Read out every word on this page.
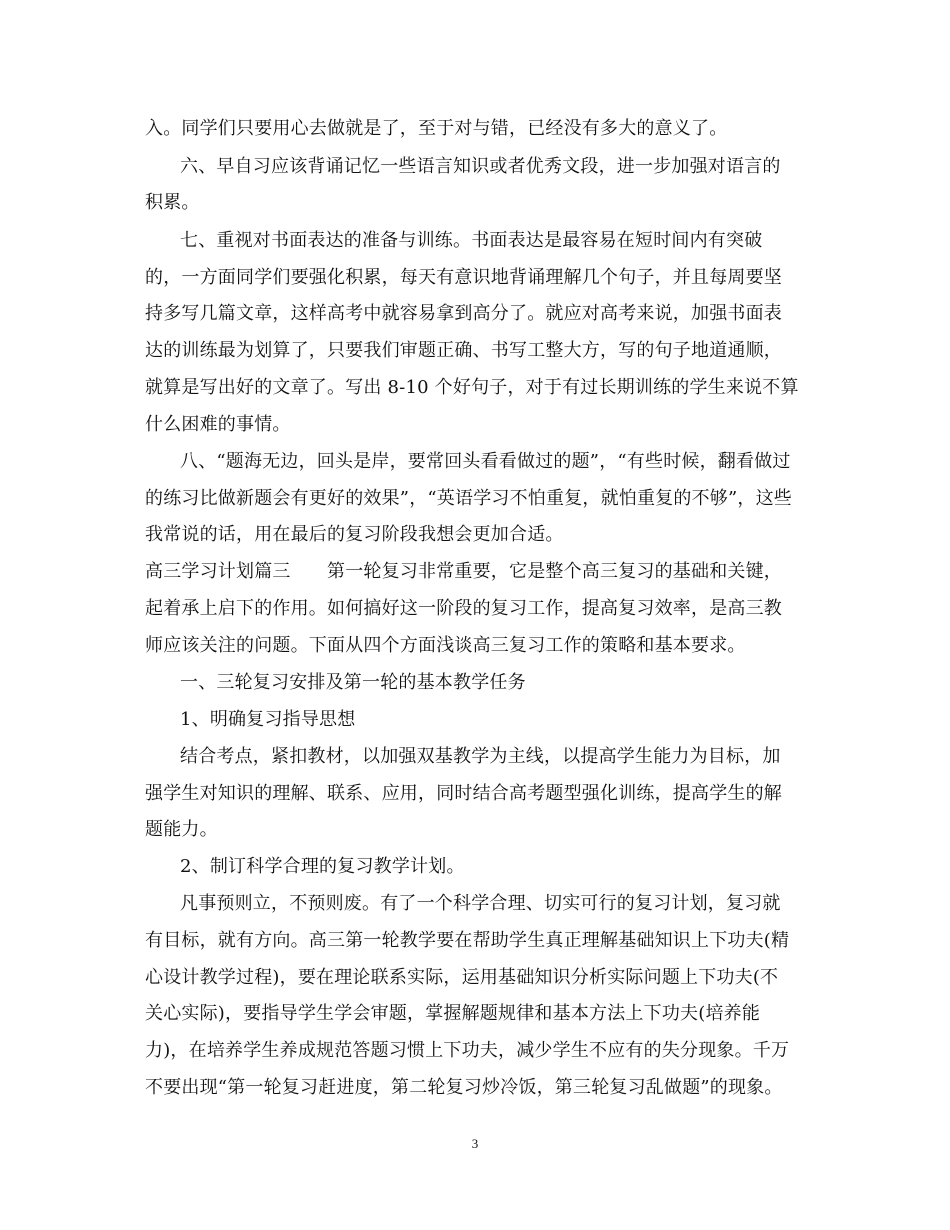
入。同学们只要用心去做就是了，至于对与错，已经没有多大的意义了。
六、早自习应该背诵记忆一些语言知识或者优秀文段，进一步加强对语言的
积累。
七、重视对书面表达的准备与训练。书面表达是最容易在短时间内有突破
的，一方面同学们要强化积累，每天有意识地背诵理解几个句子，并且每周要坚
持多写几篇文章，这样高考中就容易拿到高分了。就应对高考来说，加强书面表
达的训练最为划算了，只要我们审题正确、书写工整大方，写的句子地道通顺，
就算是写出好的文章了。写出 8-10 个好句子，对于有过长期训练的学生来说不算
什么困难的事情。
八、“题海无边，回头是岸，要常回头看看做过的题”，“有些时候，翻看做过
的练习比做新题会有更好的效果”，“英语学习不怕重复，就怕重复的不够”，这些
我常说的话，用在最后的复习阶段我想会更加合适。
高三学习计划篇三　　第一轮复习非常重要，它是整个高三复习的基础和关键，
起着承上启下的作用。如何搞好这一阶段的复习工作，提高复习效率，是高三教
师应该关注的问题。下面从四个方面浅谈高三复习工作的策略和基本要求。
一、三轮复习安排及第一轮的基本教学任务
1、明确复习指导思想
结合考点，紧扣教材，以加强双基教学为主线，以提高学生能力为目标，加
强学生对知识的理解、联系、应用，同时结合高考题型强化训练，提高学生的解
题能力。
2、制订科学合理的复习教学计划。
凡事预则立，不预则废。有了一个科学合理、切实可行的复习计划，复习就
有目标，就有方向。高三第一轮教学要在帮助学生真正理解基础知识上下功夫(精
心设计教学过程)，要在理论联系实际，运用基础知识分析实际问题上下功夫(不
关心实际)，要指导学生学会审题，掌握解题规律和基本方法上下功夫(培养能
力)，在培养学生养成规范答题习惯上下功夫，减少学生不应有的失分现象。千万
不要出现“第一轮复习赶进度，第二轮复习炒冷饭，第三轮复习乱做题”的现象。
3
